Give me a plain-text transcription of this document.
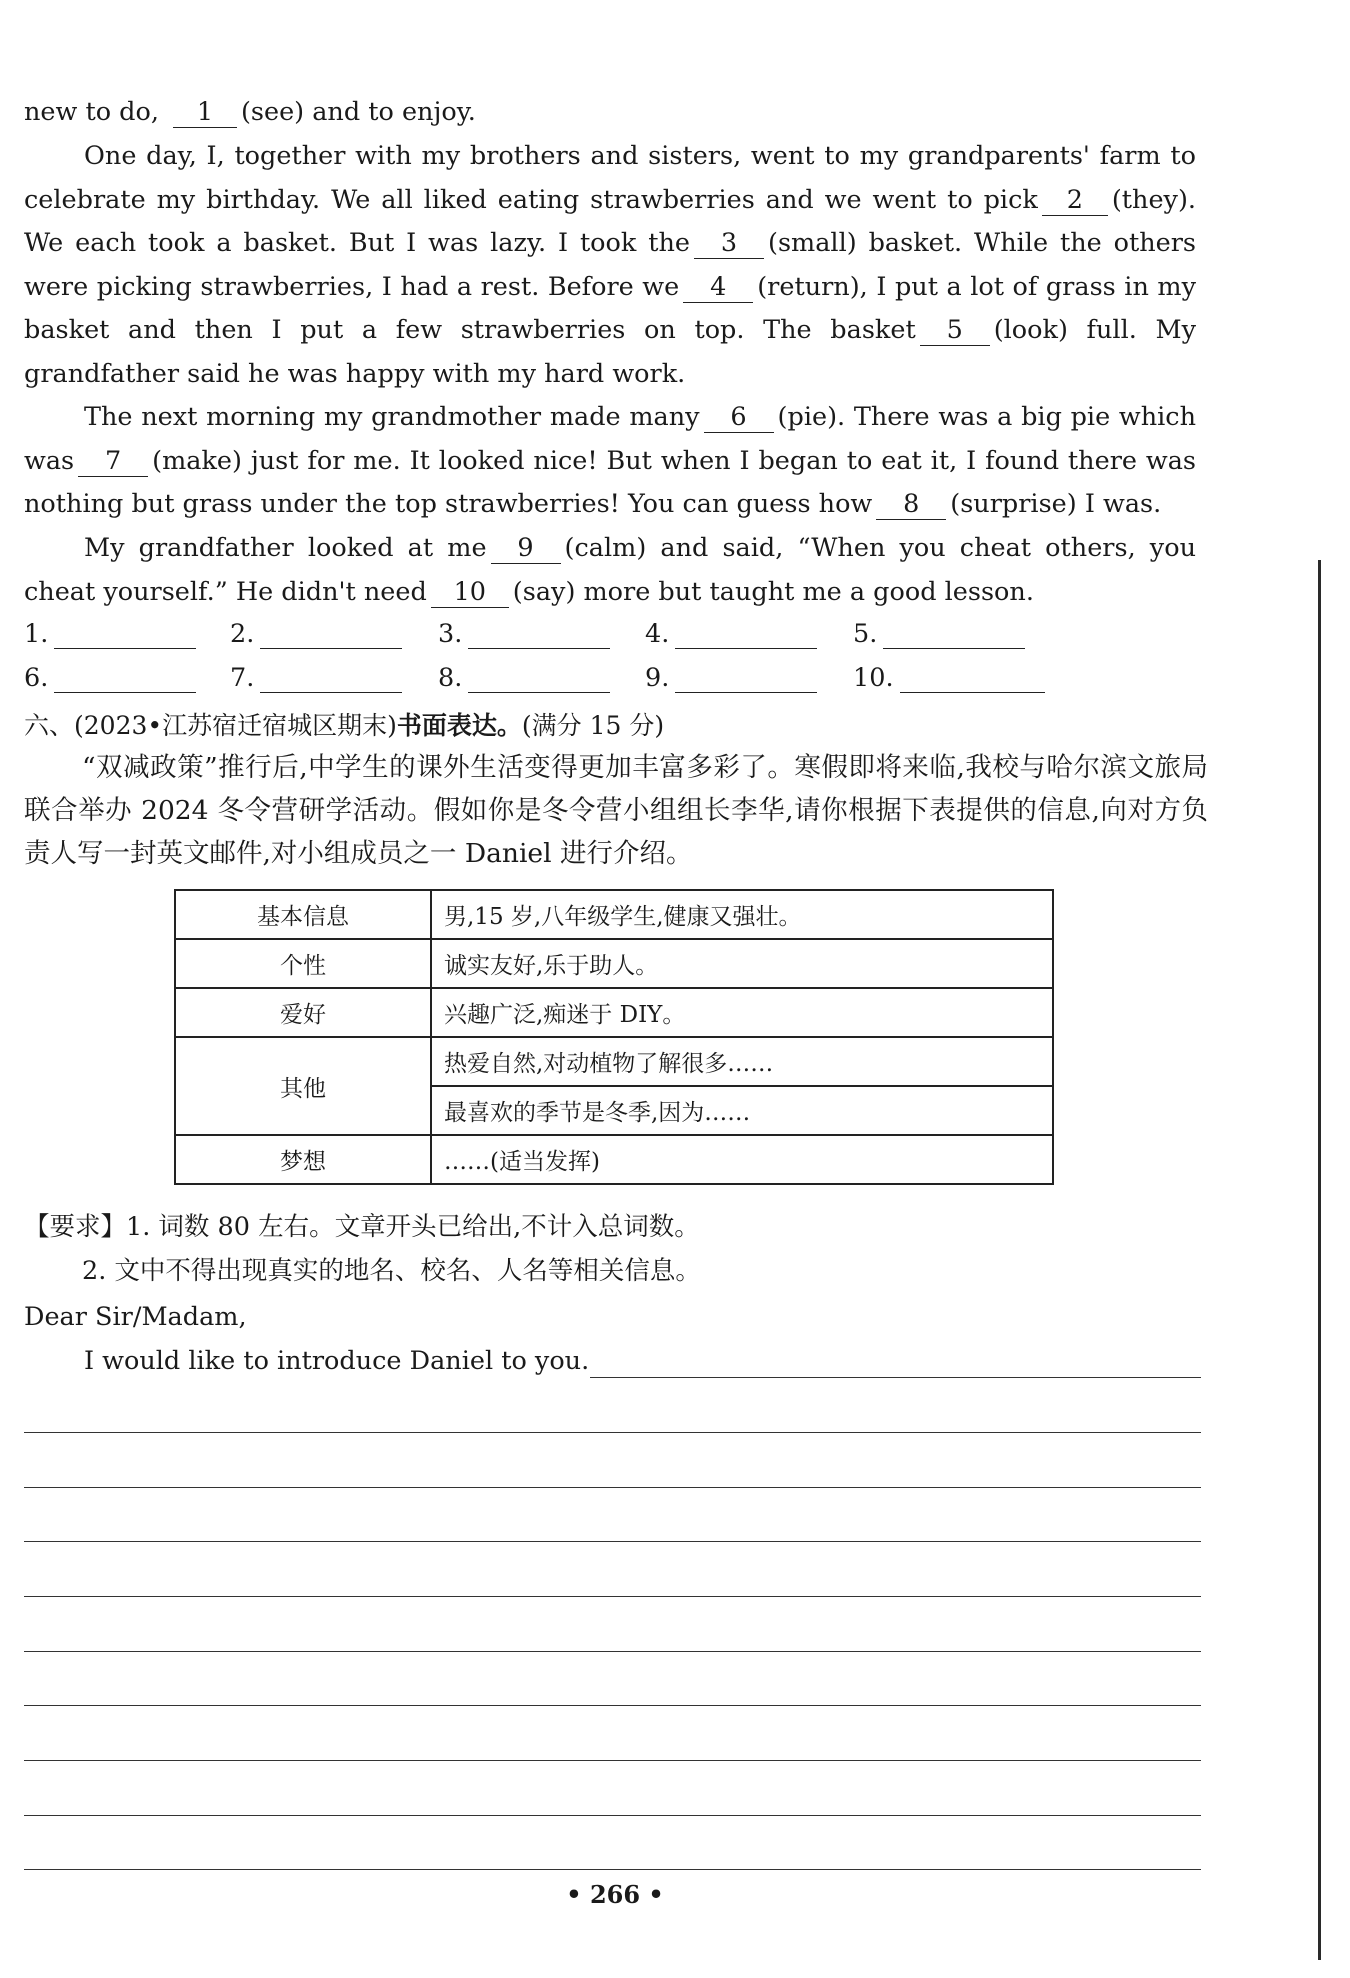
new to do, 1 (see) and to enjoy.
One day, I, together with my brothers and sisters, went to my grandparents' farm to celebrate my birthday. We all liked eating strawberries and we went to pick 2 (they). We each took a basket. But I was lazy. I took the 3 (small) basket. While the others were picking strawberries, I had a rest. Before we 4 (return), I put a lot of grass in my basket and then I put a few strawberries on top. The basket 5 (look) full. My grandfather said he was happy with my hard work.
The next morning my grandmother made many 6 (pie). There was a big pie which was 7 (make) just for me. It looked nice! But when I began to eat it, I found there was nothing but grass under the top strawberries! You can guess how 8 (surprise) I was.
My grandfather looked at me 9 (calm) and said, “When you cheat others, you cheat yourself.” He didn't need 10 (say) more but taught me a good lesson.
1.	2.	3.	4.	5.
6.	7.	8.	9.	10.
六、(2023•江苏宿迁宿城区期末)书面表达。(满分 15 分)
“双减政策”推行后,中学生的课外生活变得更加丰富多彩了。寒假即将来临,我校与哈尔滨文旅局联合举办 2024 冬令营研学活动。假如你是冬令营小组组长李华,请你根据下表提供的信息,向对方负责人写一封英文邮件,对小组成员之一 Daniel 进行介绍。
基本信息	男,15 岁,八年级学生,健康又强壮。
个性	诚实友好,乐于助人。
爱好	兴趣广泛,痴迷于 DIY。
其他	热爱自然,对动植物了解很多……
	最喜欢的季节是冬季,因为……
梦想	……(适当发挥)
【要求】1. 词数 80 左右。文章开头已给出,不计入总词数。
2. 文中不得出现真实的地名、校名、人名等相关信息。
Dear Sir/Madam,
I would like to introduce Daniel to you.
• 266 •
